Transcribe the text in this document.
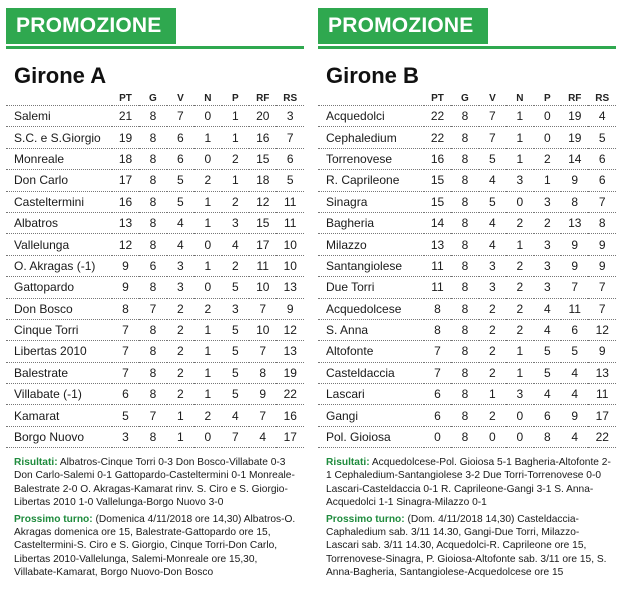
PROMOZIONE
Girone A
	PT	G	V	N	P	RF	RS
Salemi	21	8	7	0	1	20	3
S.C. e S.Giorgio	19	8	6	1	1	16	7
Monreale	18	8	6	0	2	15	6
Don Carlo	17	8	5	2	1	18	5
Casteltermini	16	8	5	1	2	12	11
Albatros	13	8	4	1	3	15	11
Vallelunga	12	8	4	0	4	17	10
O. Akragas (-1)	9	6	3	1	2	11	10
Gattopardo	9	8	3	0	5	10	13
Don Bosco	8	7	2	2	3	7	9
Cinque Torri	7	8	2	1	5	10	12
Libertas 2010	7	8	2	1	5	7	13
Balestrate	7	8	2	1	5	8	19
Villabate (-1)	6	8	2	1	5	9	22
Kamarat	5	7	1	2	4	7	16
Borgo Nuovo	3	8	1	0	7	4	17

Risultati: Albatros-Cinque Torri 0-3 Don Bosco-Villabate 0-3 Don Carlo-Salemi 0-1 Gattopardo-Casteltermini 0-1 Monreale-Balestrate 2-0 O. Akragas-Kamarat rinv. S. Ciro e S. Giorgio-Libertas 2010 1-0 Vallelunga-Borgo Nuovo 3-0

Prossimo turno: (Domenica 4/11/2018 ore 14,30) Albatros-O. Akragas domenica ore 15, Balestrate-Gattopardo ore 15, Casteltermini-S. Ciro e S. Giorgio, Cinque Torri-Don Carlo, Libertas 2010-Vallelunga, Salemi-Monreale ore 15,30, Villabate-Kamarat, Borgo Nuovo-Don Bosco

PROMOZIONE
Girone B
	PT	G	V	N	P	RF	RS
Acquedolci	22	8	7	1	0	19	4
Cephaledium	22	8	7	1	0	19	5
Torrenovese	16	8	5	1	2	14	6
R. Caprileone	15	8	4	3	1	9	6
Sinagra	15	8	5	0	3	8	7
Bagheria	14	8	4	2	2	13	8
Milazzo	13	8	4	1	3	9	9
Santangiolese	11	8	3	2	3	9	9
Due Torri	11	8	3	2	3	7	7
Acquedolcese	8	8	2	2	4	11	7
S. Anna	8	8	2	2	4	6	12
Altofonte	7	8	2	1	5	5	9
Casteldaccia	7	8	2	1	5	4	13
Lascari	6	8	1	3	4	4	11
Gangi	6	8	2	0	6	9	17
Pol. Gioiosa	0	8	0	0	8	4	22

Risultati: Acquedolcese-Pol. Gioiosa 5-1 Bagheria-Altofonte 2-1 Cephaledium-Santangiolese 3-2 Due Torri-Torrenovese 0-0 Lascari-Casteldaccia 0-1 R. Caprileone-Gangi 3-1 S. Anna-Acquedolci 1-1 Sinagra-Milazzo 0-1

Prossimo turno: (Dom. 4/11/2018 14,30) Casteldaccia-Caphaledium sab. 3/11 14.30, Gangi-Due Torri, Milazzo-Lascari sab. 3/11 14.30, Acquedolci-R. Caprileone ore 15, Torrenovese-Sinagra, P. Gioiosa-Altofonte sab. 3/11 ore 15, S. Anna-Bagheria, Santangiolese-Acquedolcese ore 15
